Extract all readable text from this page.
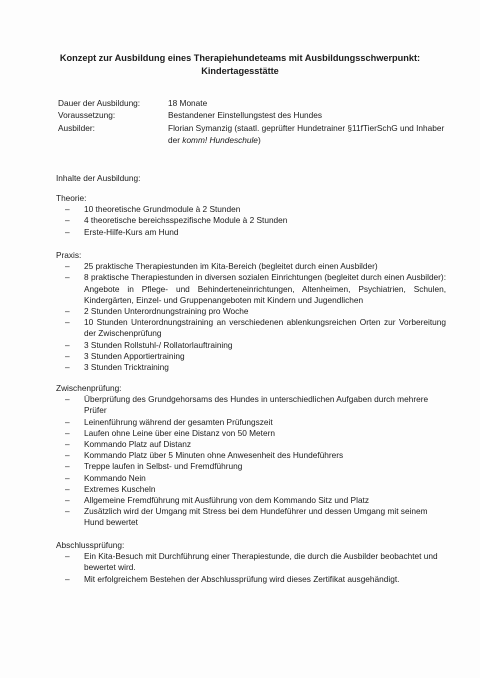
Konzept zur Ausbildung eines Therapiehundeteams mit Ausbildungsschwerpunkt:
Kindertagesstätte
Dauer der Ausbildung:	18 Monate
Voraussetzung:	Bestandener Einstellungstest des Hundes
Ausbilder:	Florian Symanzig (staatl. geprüfter Hundetrainer §11fTierSchG und Inhaber der komm! Hundeschule)
Inhalte der Ausbildung:
Theorie:
– 10 theoretische Grundmodule à 2 Stunden
– 4 theoretische bereichsspezifische Module à 2 Stunden
– Erste-Hilfe-Kurs am Hund
Praxis:
– 25 praktische Therapiestunden im Kita-Bereich (begleitet durch einen Ausbilder)
– 8 praktische Therapiestunden in diversen sozialen Einrichtungen (begleitet durch einen Ausbilder): Angebote in Pflege- und Behinderteneinrichtungen, Altenheimen, Psychiatrien, Schulen, Kindergärten, Einzel- und Gruppenangeboten mit Kindern und Jugendlichen
– 2 Stunden Unterordnungstraining pro Woche
– 10 Stunden Unterordnungstraining an verschiedenen ablenkungsreichen Orten zur Vorbereitung der Zwischenprüfung
– 3 Stunden Rollstuhl-/ Rollatorlauftraining
– 3 Stunden Apportiertraining
– 3 Stunden Tricktraining
Zwischenprüfung:
– Überprüfung des Grundgehorsams des Hundes in unterschiedlichen Aufgaben durch mehrere Prüfer
– Leinenführung während der gesamten Prüfungszeit
– Laufen ohne Leine über eine Distanz von 50 Metern
– Kommando Platz auf Distanz
– Kommando Platz über 5 Minuten ohne Anwesenheit des Hundeführers
– Treppe laufen in Selbst- und Fremdführung
– Kommando Nein
– Extremes Kuscheln
– Allgemeine Fremdführung mit Ausführung von dem Kommando Sitz und Platz
– Zusätzlich wird der Umgang mit Stress bei dem Hundeführer und dessen Umgang mit seinem Hund bewertet
Abschlussprüfung:
– Ein Kita-Besuch mit Durchführung einer Therapiestunde, die durch die Ausbilder beobachtet und bewertet wird.
– Mit erfolgreichem Bestehen der Abschlussprüfung wird dieses Zertifikat ausgehändigt.
